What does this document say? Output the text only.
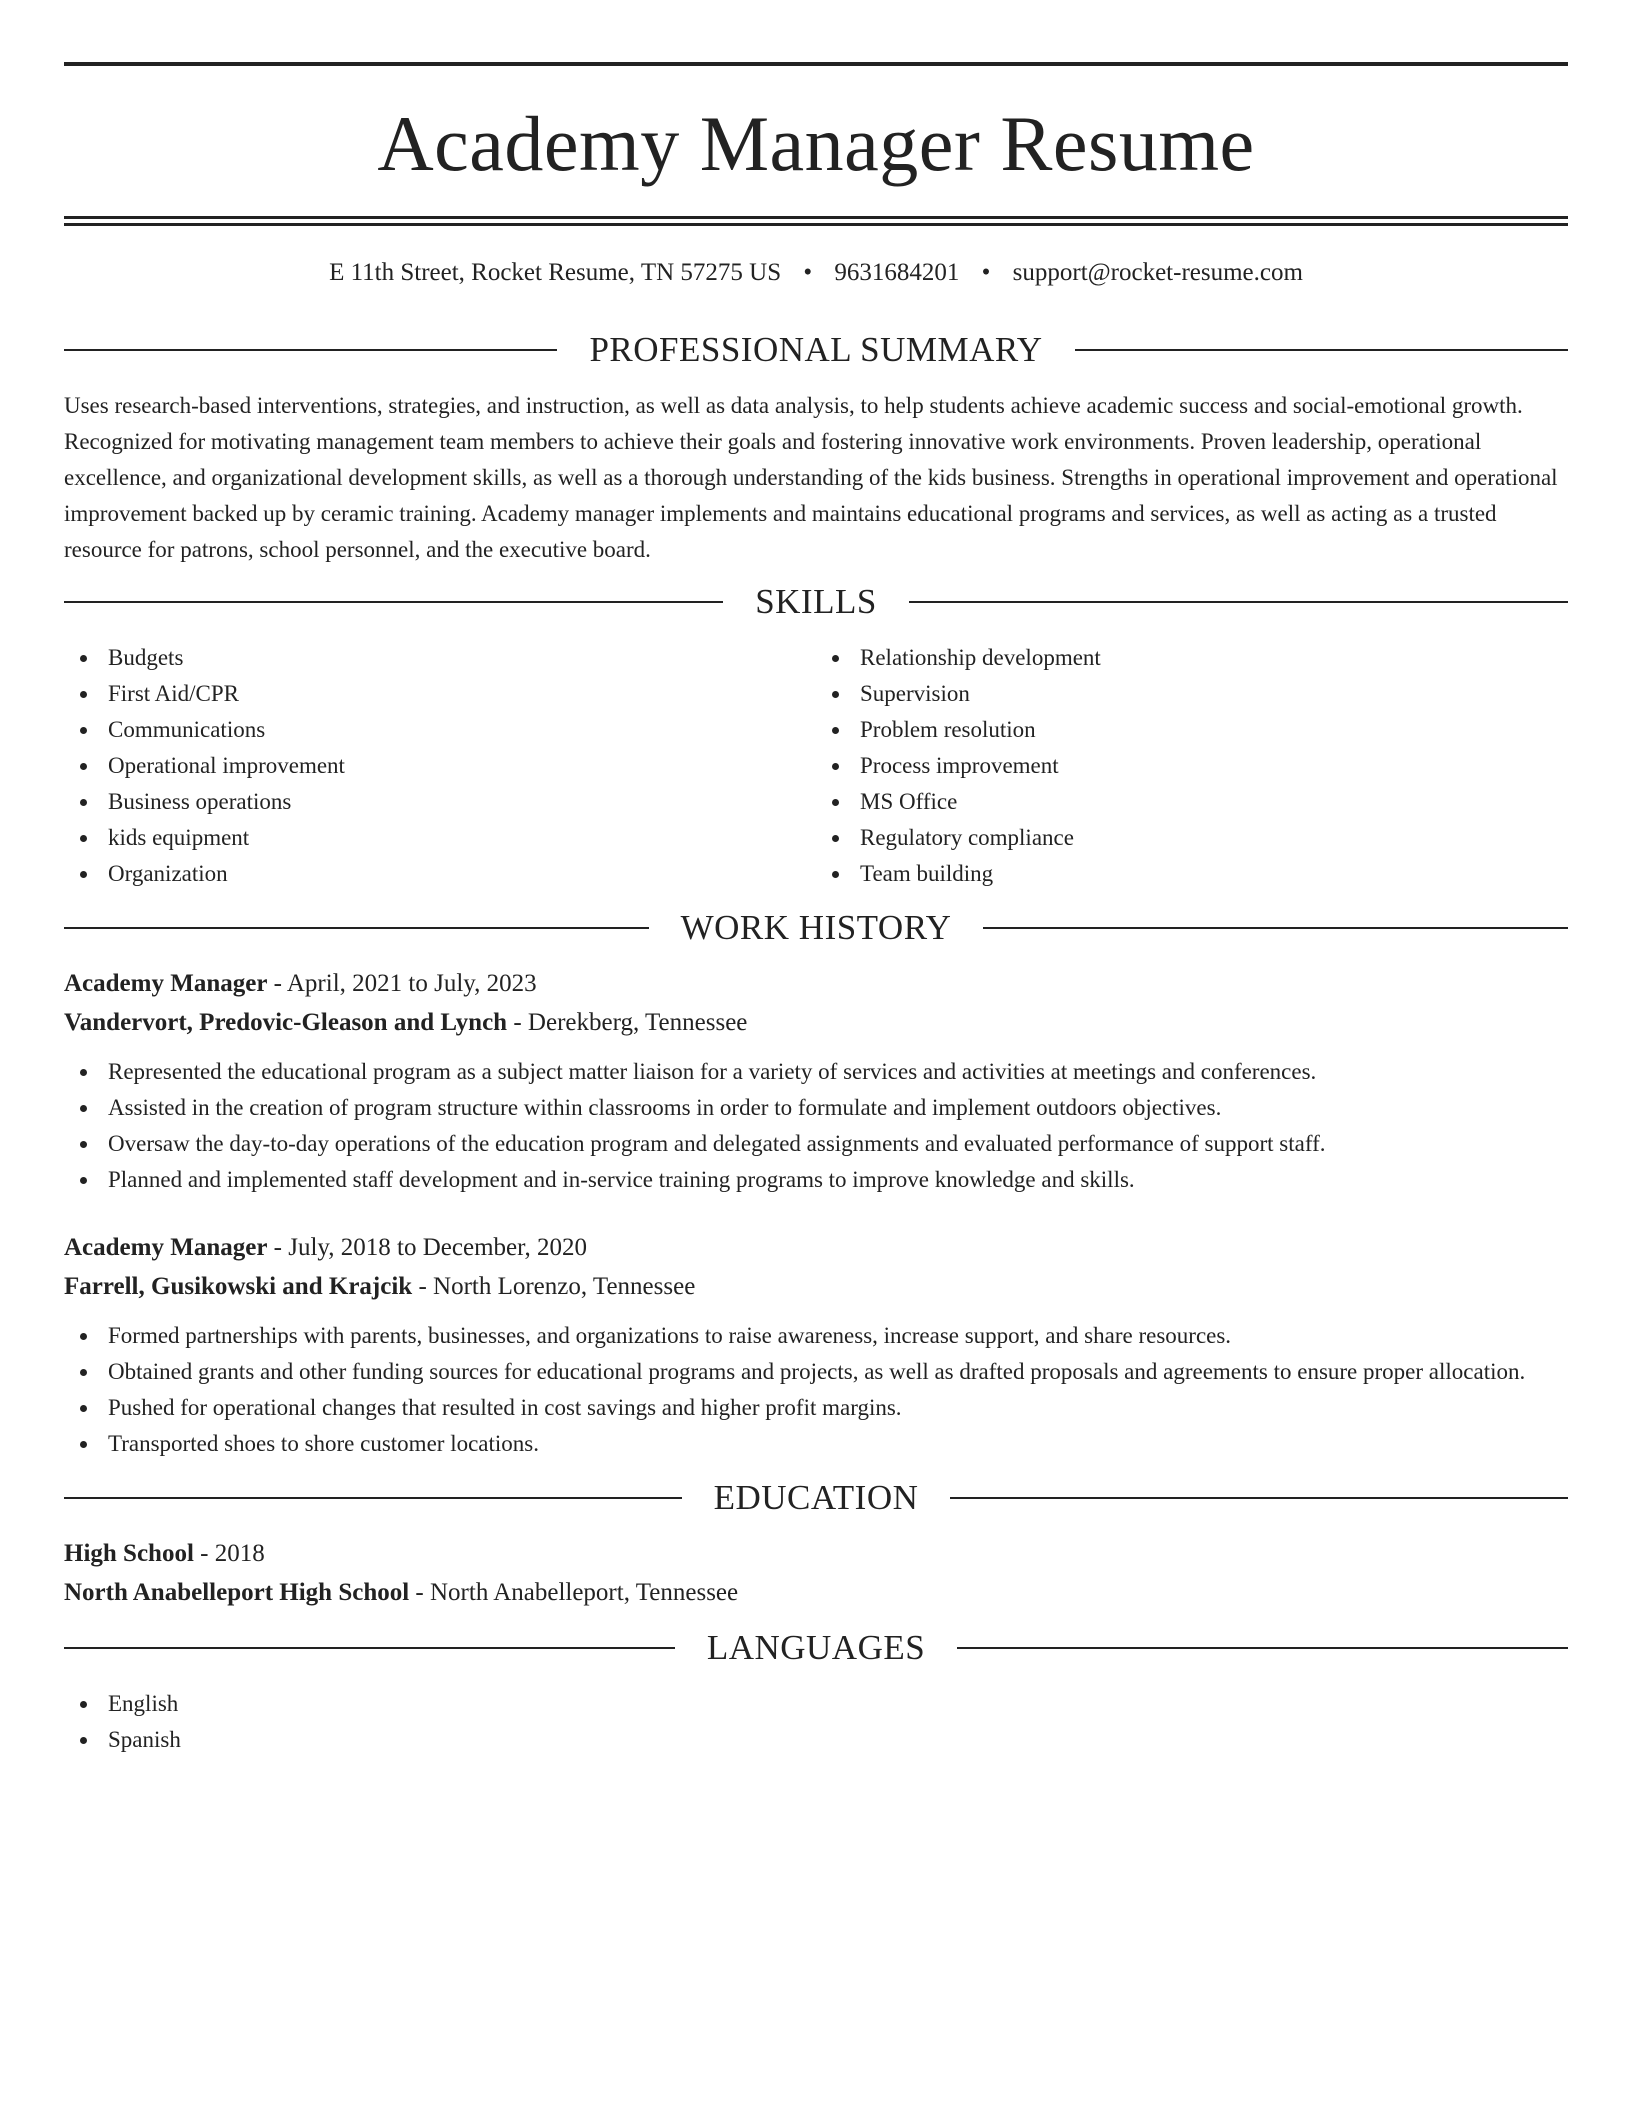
Academy Manager Resume
E 11th Street, Rocket Resume, TN 57275 US • 9631684201 • support@rocket-resume.com
PROFESSIONAL SUMMARY

Uses research-based interventions, strategies, and instruction, as well as data analysis, to help students achieve academic success and social-emotional growth. Recognized for motivating management team members to achieve their goals and fostering innovative work environments. Proven leadership, operational excellence, and organizational development skills, as well as a thorough understanding of the kids business. Strengths in operational improvement and operational improvement backed up by ceramic training. Academy manager implements and maintains educational programs and services, as well as acting as a trusted resource for patrons, school personnel, and the executive board.

SKILLS
Budgets
First Aid/CPR
Communications
Operational improvement
Business operations
kids equipment
Organization
Relationship development
Supervision
Problem resolution
Process improvement
MS Office
Regulatory compliance
Team building
WORK HISTORY
Academy Manager - April, 2021 to July, 2023
Vandervort, Predovic-Gleason and Lynch - Derekberg, Tennessee
Represented the educational program as a subject matter liaison for a variety of services and activities at meetings and conferences.
Assisted in the creation of program structure within classrooms in order to formulate and implement outdoors objectives.
Oversaw the day-to-day operations of the education program and delegated assignments and evaluated performance of support staff.
Planned and implemented staff development and in-service training programs to improve knowledge and skills.
Academy Manager - July, 2018 to December, 2020
Farrell, Gusikowski and Krajcik - North Lorenzo, Tennessee
Formed partnerships with parents, businesses, and organizations to raise awareness, increase support, and share resources.
Obtained grants and other funding sources for educational programs and projects, as well as drafted proposals and agreements to ensure proper allocation.
Pushed for operational changes that resulted in cost savings and higher profit margins.
Transported shoes to shore customer locations.
EDUCATION
High School - 2018
North Anabelleport High School - North Anabelleport, Tennessee
LANGUAGES
English
Spanish
